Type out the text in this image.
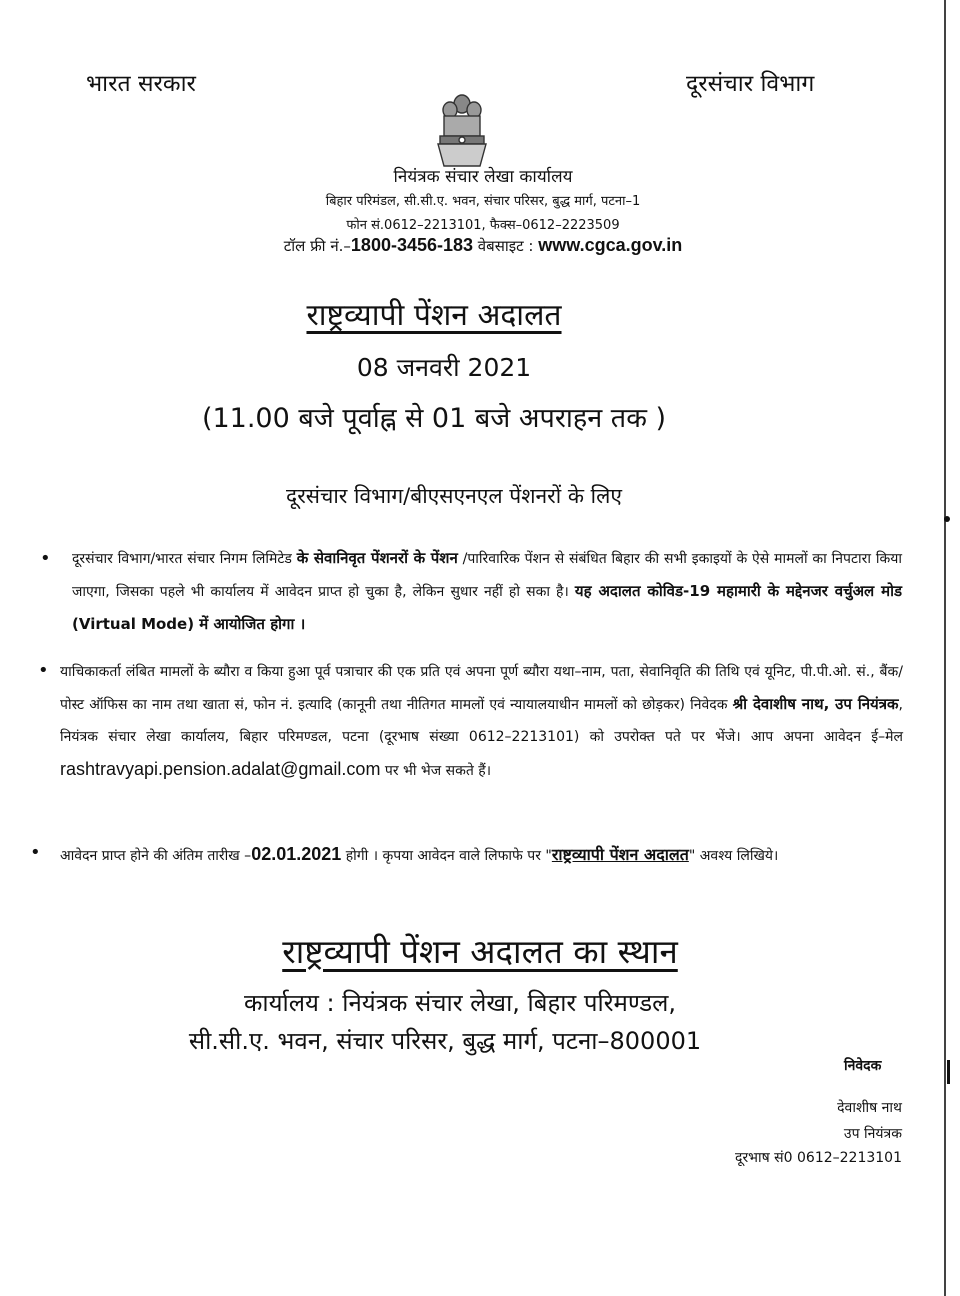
भारत सरकार	दूरसंचार विभाग
नियंत्रक संचार लेखा कार्यालय
बिहार परिमंडल, सी.सी.ए. भवन, संचार परिसर, बुद्ध मार्ग, पटना–1
फोन सं.0612–2213101, फैक्स–0612–2223509
टॉल फ्री नं.–1800-3456-183 वेबसाइट : www.cgca.gov.in
राष्ट्रव्यापी पेंशन अदालत
08 जनवरी 2021
(11.00 बजे पूर्वाह्न से 01 बजे अपराहन तक )
दूरसंचार विभाग/बीएसएनएल पेंशनरों के लिए
• दूरसंचार विभाग/भारत संचार निगम लिमिटेड के सेवानिवृत पेंशनरों के पेंशन /पारिवारिक पेंशन से संबंधित बिहार की सभी इकाइयों के ऐसे मामलों का निपटारा किया जाएगा, जिसका पहले भी कार्यालय में आवेदन प्राप्त हो चुका है, लेकिन सुधार नहीं हो सका है। यह अदालत कोविड-19 महामारी के मद्देनजर वर्चुअल मोड (Virtual Mode) में आयोजित होगा ।
• याचिकाकर्ता लंबित मामलों के ब्यौरा व किया हुआ पूर्व पत्राचार की एक प्रति एवं अपना पूर्ण ब्यौरा यथा–नाम, पता, सेवानिवृति की तिथि एवं यूनिट, पी.पी.ओ. सं., बैंक/पोस्ट ऑफिस का नाम तथा खाता सं, फोन नं. इत्यादि (कानूनी तथा नीतिगत मामलों एवं न्यायालयाधीन मामलों को छोड़कर) निवेदक श्री देवाशीष नाथ, उप नियंत्रक, नियंत्रक संचार लेखा कार्यालय, बिहार परिमण्डल, पटना (दूरभाष संख्या 0612–2213101) को उपरोक्त पते पर भेंजे। आप अपना आवेदन ई–मेल rashtravyapi.pension.adalat@gmail.com पर भी भेज सकते हैं।
• आवेदन प्राप्त होने की अंतिम तारीख –02.01.2021 होगी । कृपया आवेदन वाले लिफाफे पर "राष्ट्रव्यापी पेंशन अदालत" अवश्य लिखिये।
राष्ट्रव्यापी पेंशन अदालत का स्थान
कार्यालय : नियंत्रक संचार लेखा, बिहार परिमण्डल,
सी.सी.ए. भवन, संचार परिसर, बुद्ध मार्ग, पटना–800001
निवेदक
देवाशीष नाथ
उप नियंत्रक
दूरभाष सं0 0612–2213101
